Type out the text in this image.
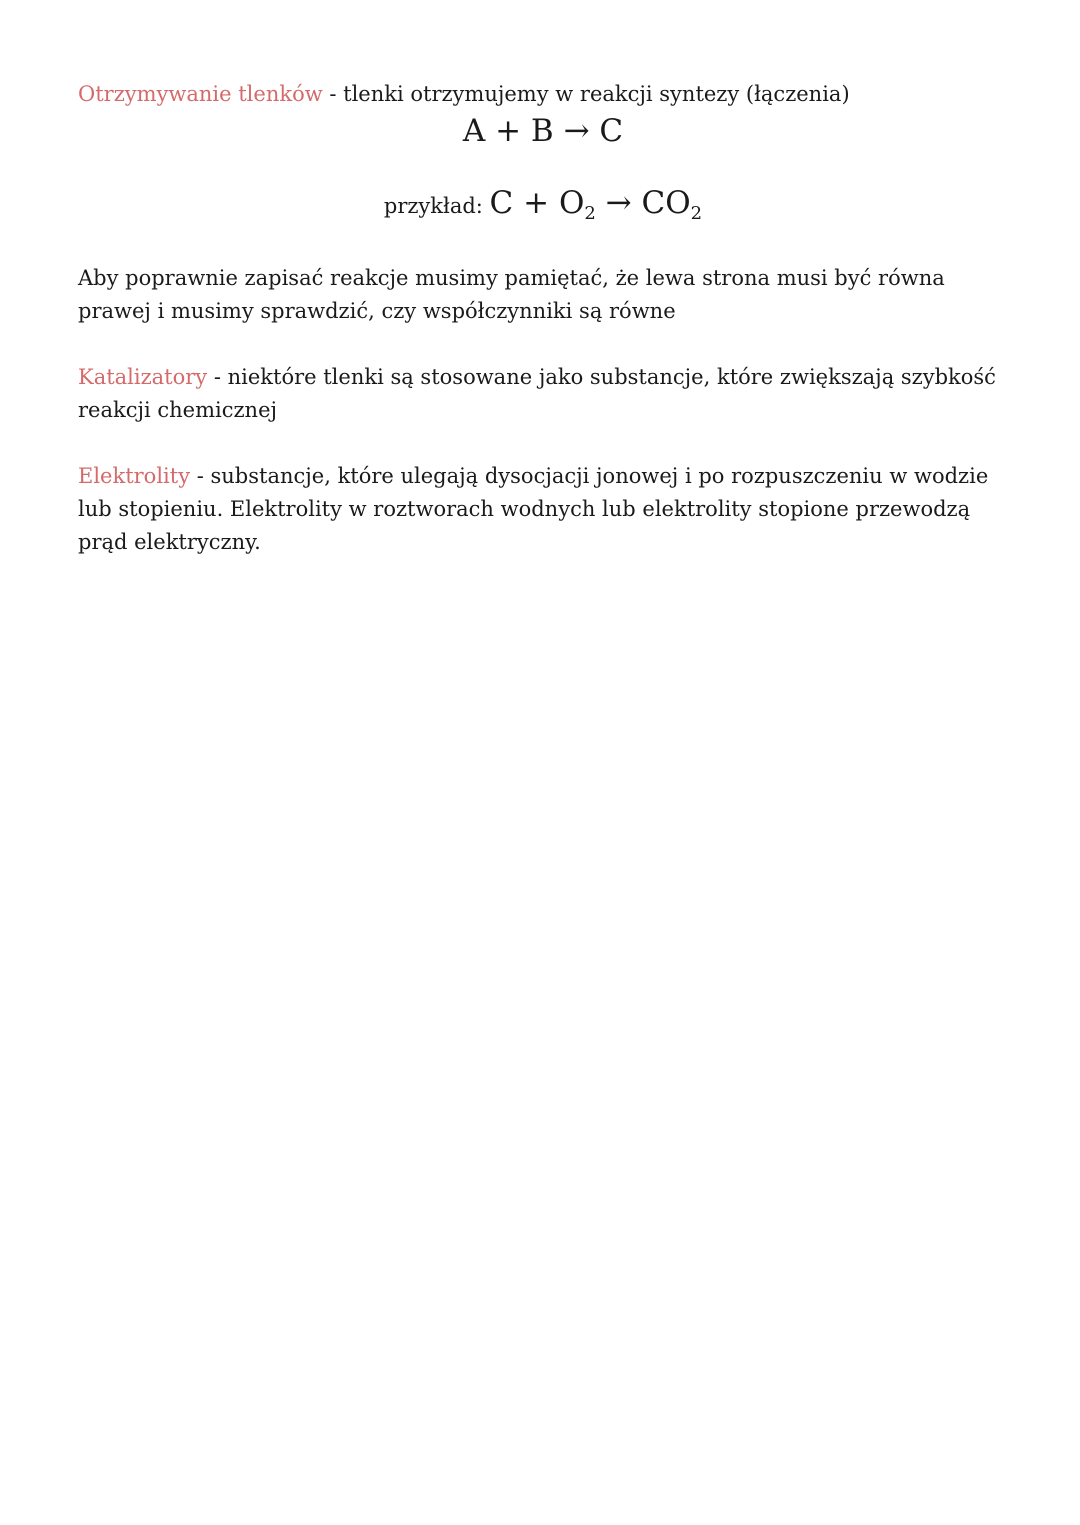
Otrzymywanie tlenków - tlenki otrzymujemy w reakcji syntezy (łączenia)

A + B → C
przykład: $C + O_2 \to CO_2$

Aby poprawnie zapisać reakcje musimy pamiętać, że lewa strona musi być równa prawej i musimy sprawdzić, czy współczynniki są równe

Katalizatory - niektóre tlenki są stosowane jako substancje, które zwiększają szybkość reakcji chemicznej

Elektrolity - substancje, które ulegają dysocjacji jonowej i po rozpuszczeniu w wodzie lub stopieniu. Elektrolity w roztworach wodnych lub elektrolity stopione przewodzą prąd elektryczny.
